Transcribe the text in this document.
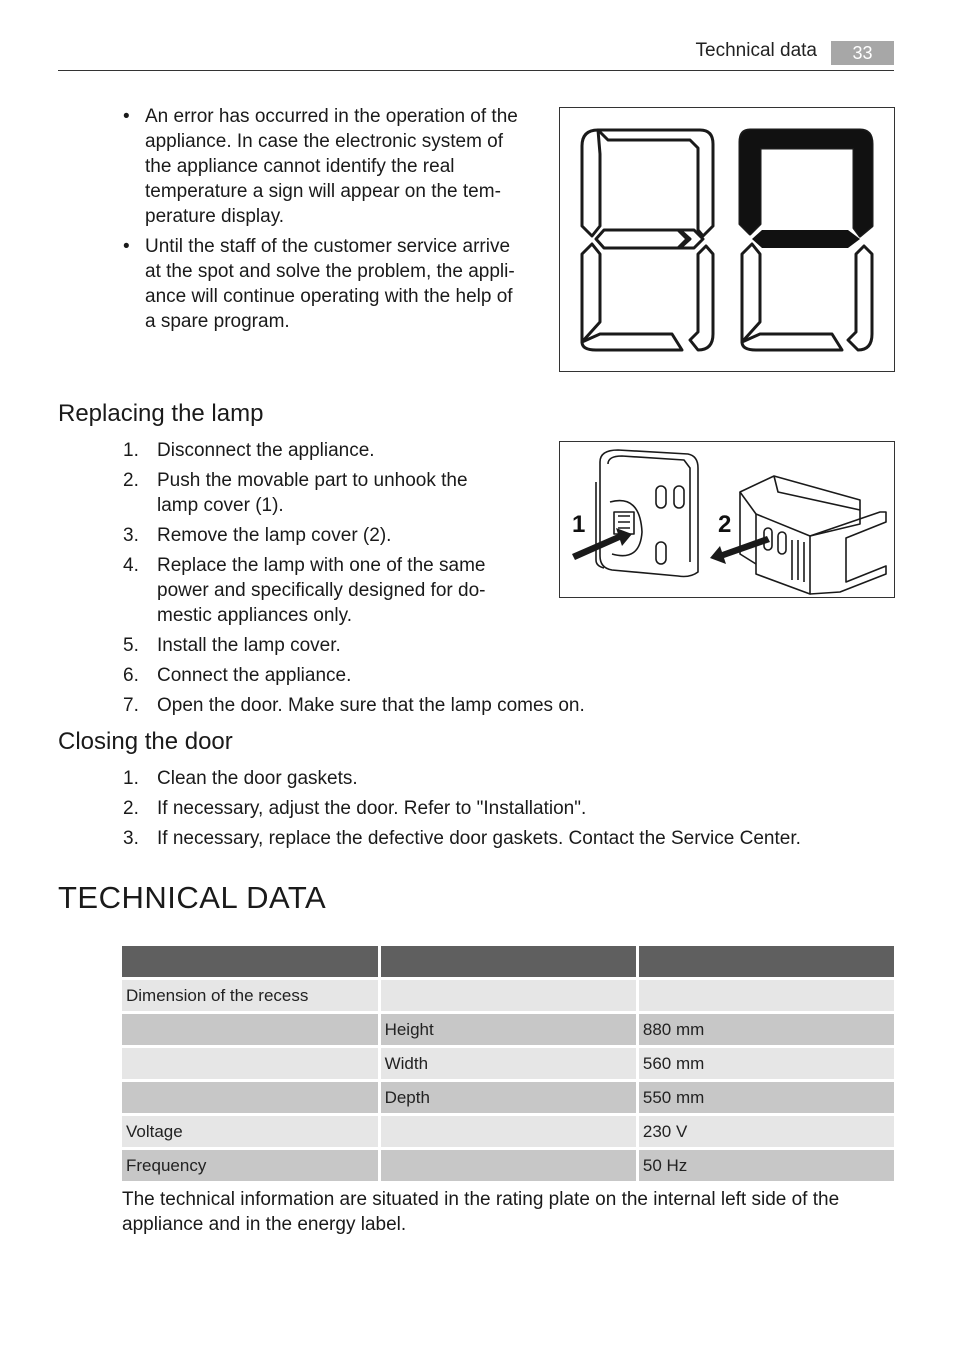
Technical data	33
• An error has occurred in the operation of the appliance. In case the electronic system of the appliance cannot identify the real temperature a sign will appear on the tem-perature display.
• Until the staff of the customer service arrive at the spot and solve the problem, the appli-ance will continue operating with the help of a spare program.
Replacing the lamp
1. Disconnect the appliance.
2. Push the movable part to unhook the lamp cover (1).
3. Remove the lamp cover (2).
4. Replace the lamp with one of the same power and specifically designed for do-mestic appliances only.
5. Install the lamp cover.
6. Connect the appliance.
7. Open the door. Make sure that the lamp comes on.
1	2
Closing the door
1. Clean the door gaskets.
2. If necessary, adjust the door. Refer to "Installation".
3. If necessary, replace the defective door gaskets. Contact the Service Center.
TECHNICAL DATA

Dimension of the recess		
	Height	880 mm
	Width	560 mm
	Depth	550 mm
Voltage		230 V
Frequency		50 Hz

The technical information are situated in the rating plate on the internal left side of the appliance and in the energy label.
